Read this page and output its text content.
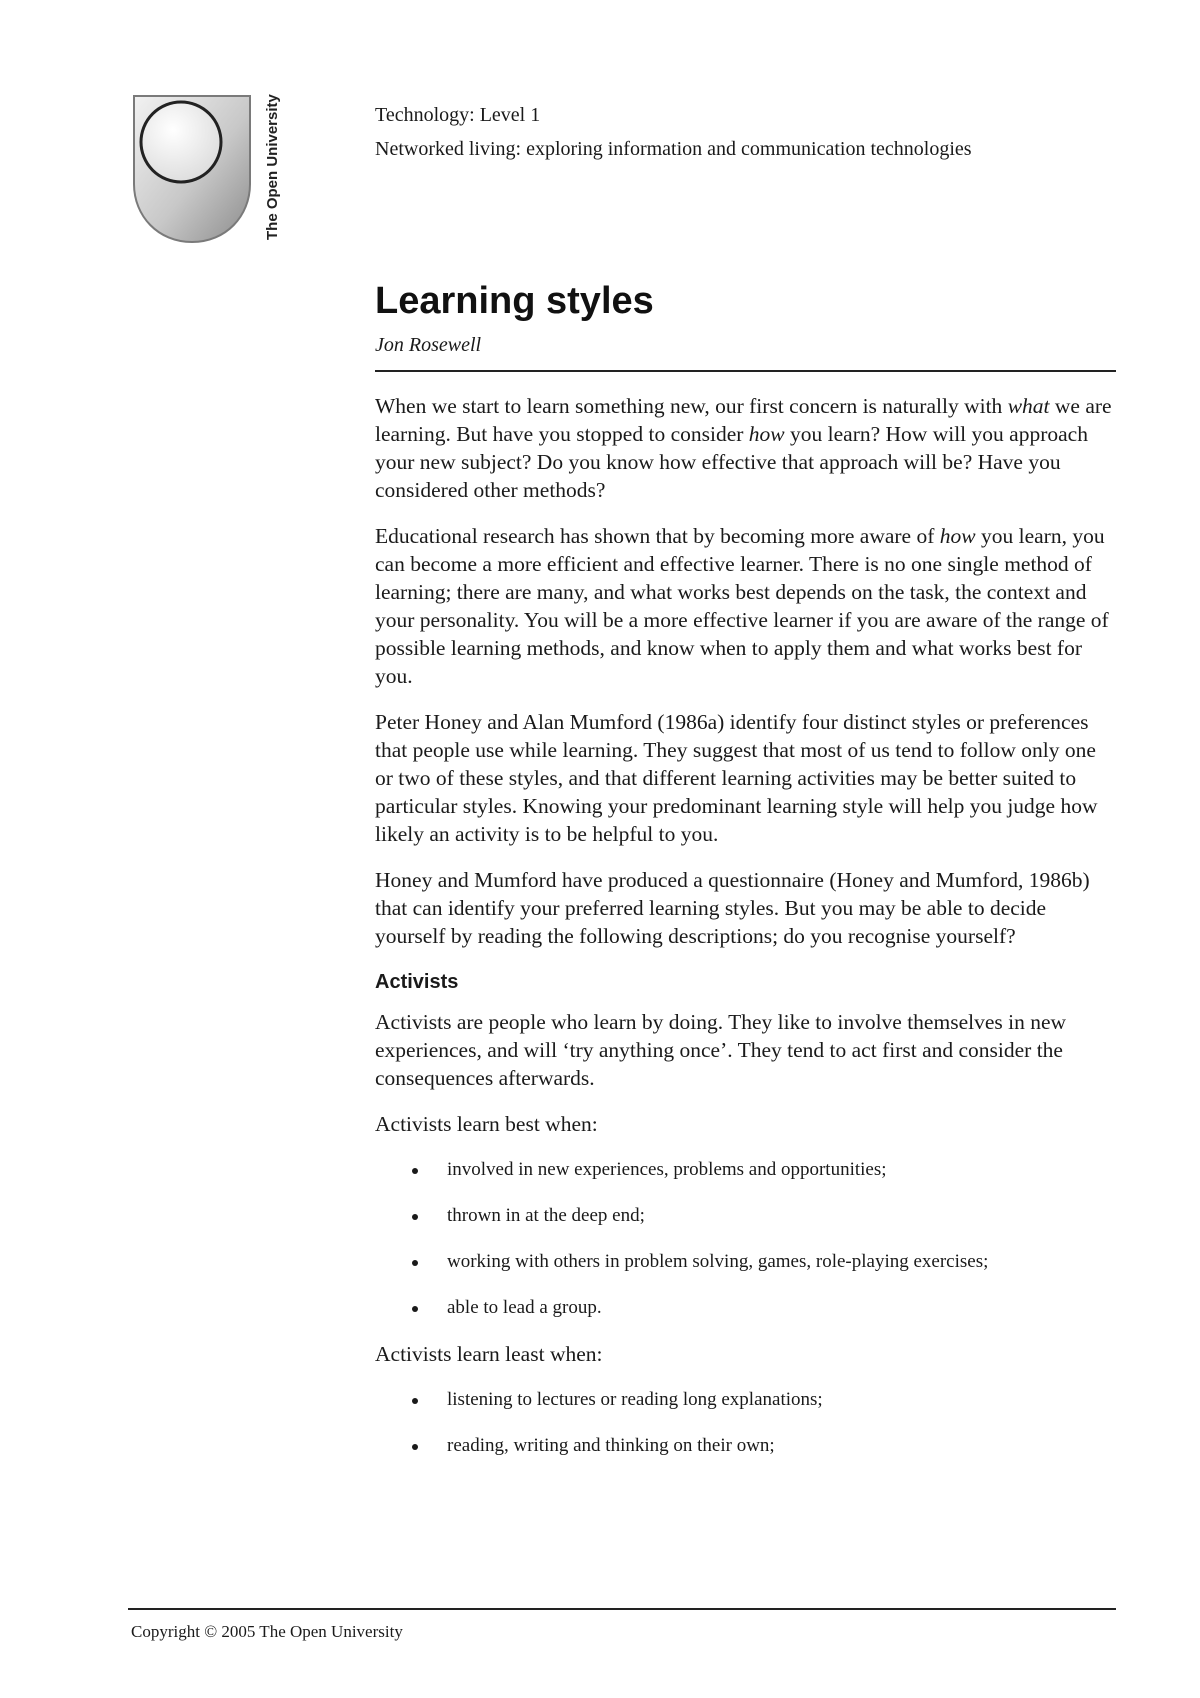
The Open University	Technology: Level 1
Networked living: exploring information and communication technologies
Learning styles
Jon Rosewell

When we start to learn something new, our first concern is naturally with what we are learning. But have you stopped to consider how you learn? How will you approach your new subject? Do you know how effective that approach will be? Have you considered other methods?

Educational research has shown that by becoming more aware of how you learn, you can become a more efficient and effective learner. There is no one single method of learning; there are many, and what works best depends on the task, the context and your personality. You will be a more effective learner if you are aware of the range of possible learning methods, and know when to apply them and what works best for you.

Peter Honey and Alan Mumford (1986a) identify four distinct styles or preferences that people use while learning. They suggest that most of us tend to follow only one or two of these styles, and that different learning activities may be better suited to particular styles. Knowing your predominant learning style will help you judge how likely an activity is to be helpful to you.

Honey and Mumford have produced a questionnaire (Honey and Mumford, 1986b) that can identify your preferred learning styles. But you may be able to decide yourself by reading the following descriptions; do you recognise yourself?

Activists

Activists are people who learn by doing. They like to involve themselves in new experiences, and will ‘try anything once’. They tend to act first and consider the consequences afterwards.

Activists learn best when:

involved in new experiences, problems and opportunities;
thrown in at the deep end;
working with others in problem solving, games, role-playing exercises;
able to lead a group.

Activists learn least when:

listening to lectures or reading long explanations;
reading, writing and thinking on their own;
Copyright © 2005 The Open University
